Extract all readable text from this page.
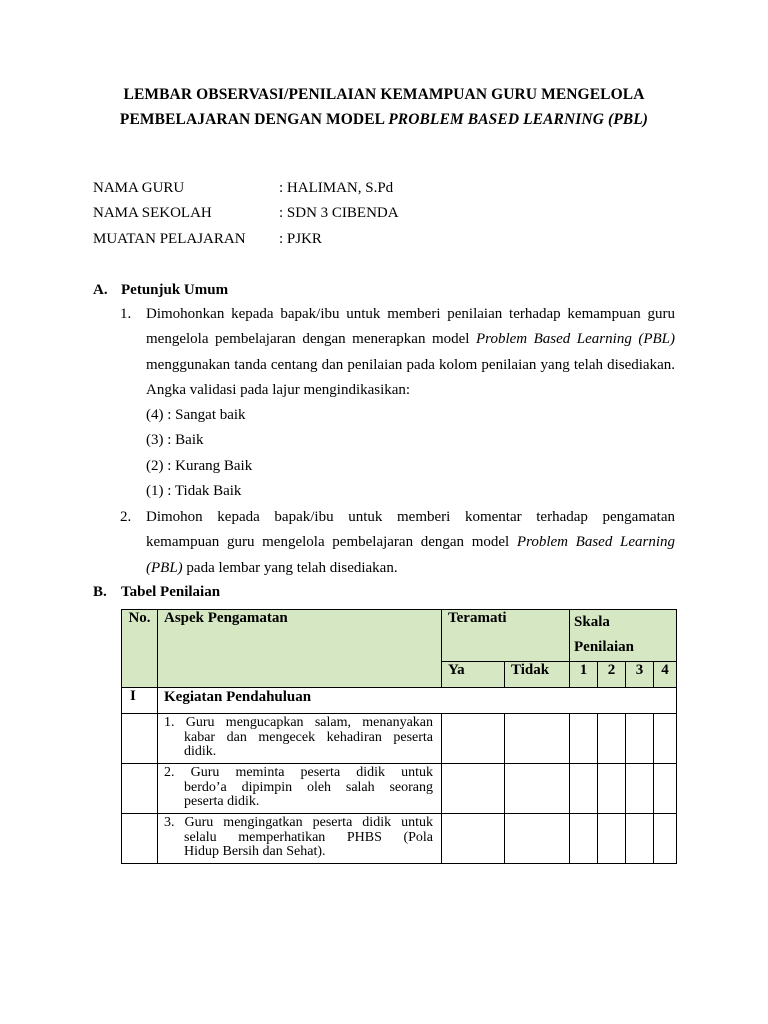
LEMBAR OBSERVASI/PENILAIAN KEMAMPUAN GURU MENGELOLA
PEMBELAJARAN DENGAN MODEL PROBLEM BASED LEARNING (PBL)
NAMA GURU	: HALIMAN, S.Pd
NAMA SEKOLAH	: SDN 3 CIBENDA
MUATAN PELAJARAN : PJKR
A. Petunjuk Umum
1. Dimohonkan kepada bapak/ibu untuk memberi penilaian terhadap kemampuan guru
mengelola pembelajaran dengan menerapkan model Problem Based Learning (PBL)
menggunakan tanda centang dan penilaian pada kolom penilaian yang telah disediakan.
Angka validasi pada lajur mengindikasikan:
(4) : Sangat baik
(3) : Baik
(2) : Kurang Baik
(1) : Tidak Baik
2. Dimohon kepada bapak/ibu untuk memberi komentar terhadap pengamatan
kemampuan guru mengelola pembelajaran dengan model Problem Based Learning
(PBL) pada lembar yang telah disediakan.
B. Tabel Penilaian
No.	Aspek Pengamatan	Teramati		Skala
Penilaian			

		Ya	Tidak	1	2	3	4
I	Kegiatan Pendahuluan						

	1. Guru mengucapkan salam, menanyakan
kabar dan mengecek kehadiran peserta
didik.						

	2. Guru meminta peserta didik untuk
berdo’a dipimpin oleh salah seorang
peserta didik.						

	3. Guru mengingatkan peserta didik untuk
selalu memperhatikan PHBS (Pola
Hidup Bersih dan Sehat).						
